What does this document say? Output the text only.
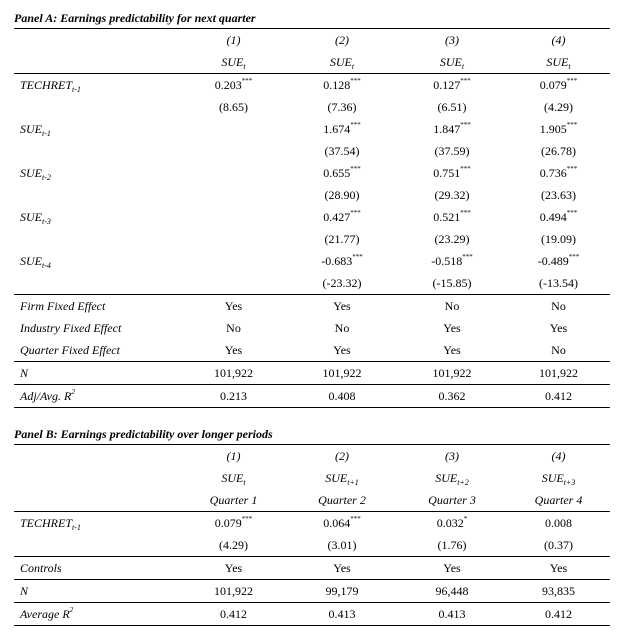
Panel A: Earnings predictability for next quarter
	(1)	(2)	(3)	(4)
	$SUE_t$	$SUE_t$	$SUE_t$	$SUE_t$
$TECHRET_{t-1}$	0.203***	0.128***	0.127***	0.079***
	(8.65)	(7.36)	(6.51)	(4.29)
$SUE_{t-1}$		1.674***	1.847***	1.905***
		(37.54)	(37.59)	(26.78)
$SUE_{t-2}$		0.655***	0.751***	0.736***
		(28.90)	(29.32)	(23.63)
$SUE_{t-3}$		0.427***	0.521***	0.494***
		(21.77)	(23.29)	(19.09)
$SUE_{t-4}$		-0.683***	-0.518***	-0.489***
		(-23.32)	(-15.85)	(-13.54)
Firm Fixed Effect	Yes	Yes	No	No
Industry Fixed Effect	No	No	Yes	Yes
Quarter Fixed Effect	Yes	Yes	Yes	No
N	101,922	101,922	101,922	101,922
Adj/Avg. $R^2$	0.213	0.408	0.362	0.412
Panel B: Earnings predictability over longer periods
	(1)	(2)	(3)	(4)
	$SUE_t$	$SUE_{t+1}$	$SUE_{t+2}$	$SUE_{t+3}$
	Quarter 1	Quarter 2	Quarter 3	Quarter 4
$TECHRET_{t-1}$	0.079***	0.064***	0.032*	0.008
	(4.29)	(3.01)	(1.76)	(0.37)
Controls	Yes	Yes	Yes	Yes
N	101,922	99,179	96,448	93,835
Average $R^2$	0.412	0.413	0.413	0.412
